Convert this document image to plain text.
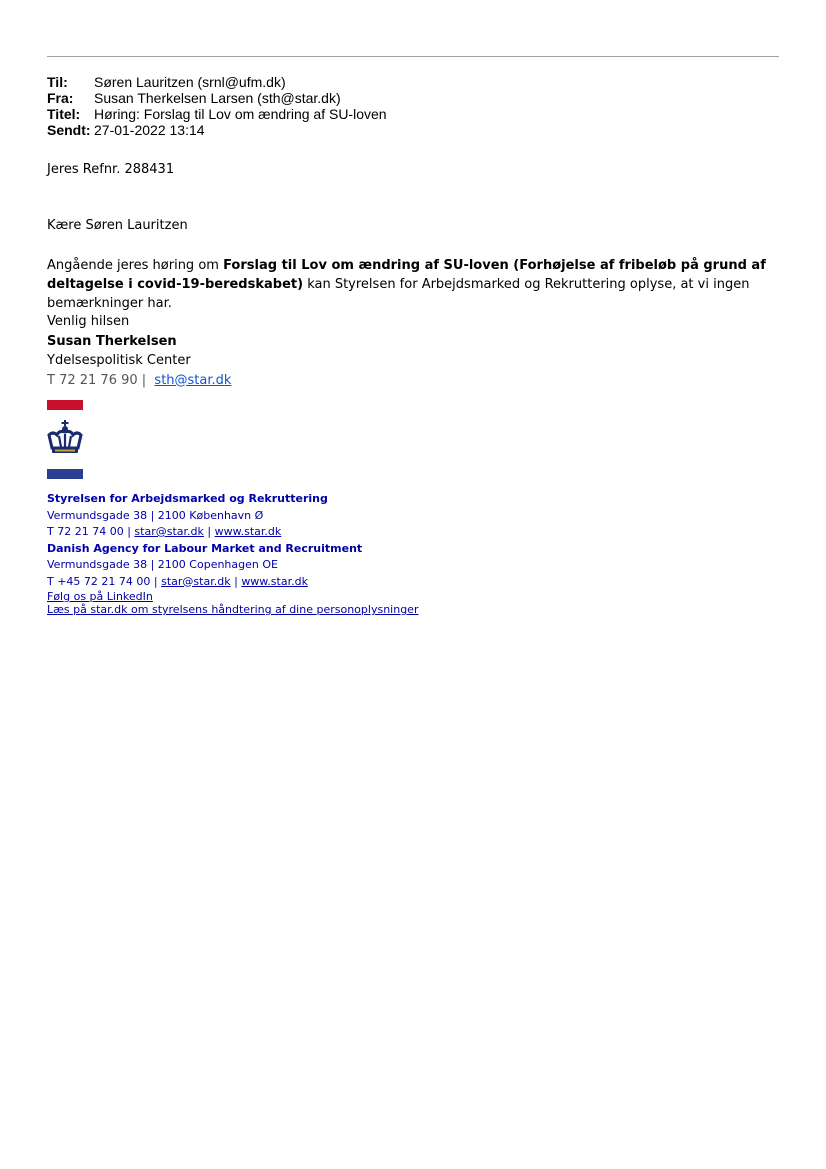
Til:	Søren Lauritzen (srnl@ufm.dk)
Fra:	Susan Therkelsen Larsen (sth@star.dk)
Titel: Høring: Forslag til Lov om ændring af SU-loven
Sendt: 27-01-2022 13:14
Jeres Refnr. 288431
Kære Søren Lauritzen
Angående jeres høring om Forslag til Lov om ændring af SU-loven (Forhøjelse af fribeløb på grund af deltagelse i covid-19-beredskabet) kan Styrelsen for Arbejdsmarked og Rekruttering oplyse, at vi ingen bemærkninger har.
Venlig hilsen
Susan Therkelsen
Ydelsespolitisk Center
T 72 21 76 90 | sth@star.dk
Styrelsen for Arbejdsmarked og Rekruttering
Vermundsgade 38 | 2100 København Ø
T 72 21 74 00 | star@star.dk | www.star.dk
Danish Agency for Labour Market and Recruitment
Vermundsgade 38 | 2100 Copenhagen OE
T +45 72 21 74 00 | star@star.dk | www.star.dk
Følg os på LinkedIn
Læs på star.dk om styrelsens håndtering af dine personoplysninger
